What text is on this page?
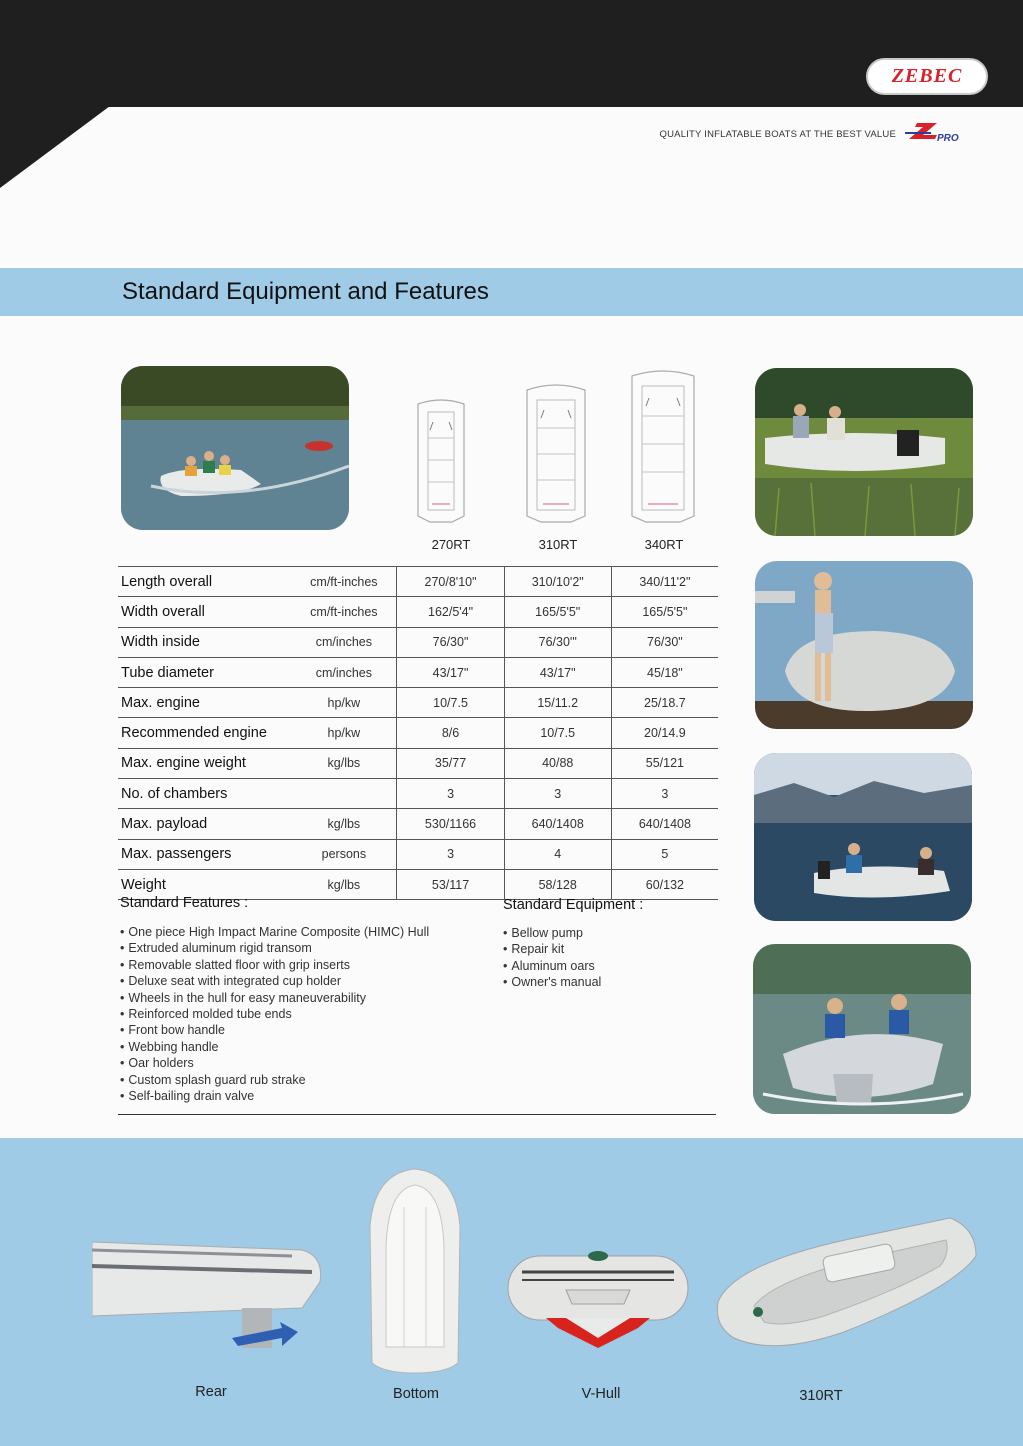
ZEBEC
QUALITY INFLATABLE BOATS AT THE BEST VALUE	PRO
Standard Equipment and Features
270RT	310RT	340RT
Length overall	cm/ft-inches	270/8'10"	310/10'2"	340/11'2"
Width overall	cm/ft-inches	162/5'4"	165/5'5"	165/5'5"
Width inside	cm/inches	76/30"	76/30'"	76/30"
Tube diameter	cm/inches	43/17"	43/17"	45/18"
Max. engine	hp/kw	10/7.5	15/11.2	25/18.7
Recommended engine	hp/kw	8/6	10/7.5	20/14.9
Max. engine weight	kg/lbs	35/77	40/88	55/121
No. of chambers		3	3	3
Max. payload	kg/lbs	530/1166	640/1408	640/1408
Max. passengers	persons	3	4	5
Weight	kg/lbs	53/117	58/128	60/132
Standard Features :
• One piece High Impact Marine Composite (HIMC) Hull
• Extruded aluminum rigid transom
• Removable slatted floor with grip inserts
• Deluxe seat with integrated cup holder
• Wheels in the hull for easy maneuverability
• Reinforced molded tube ends
• Front bow handle
• Webbing handle
• Oar holders
• Custom splash guard rub strake
• Self-bailing drain valve
Standard Equipment :
• Bellow pump
• Repair kit
• Aluminum oars
• Owner's manual
Rear	Bottom	V-Hull	310RT
